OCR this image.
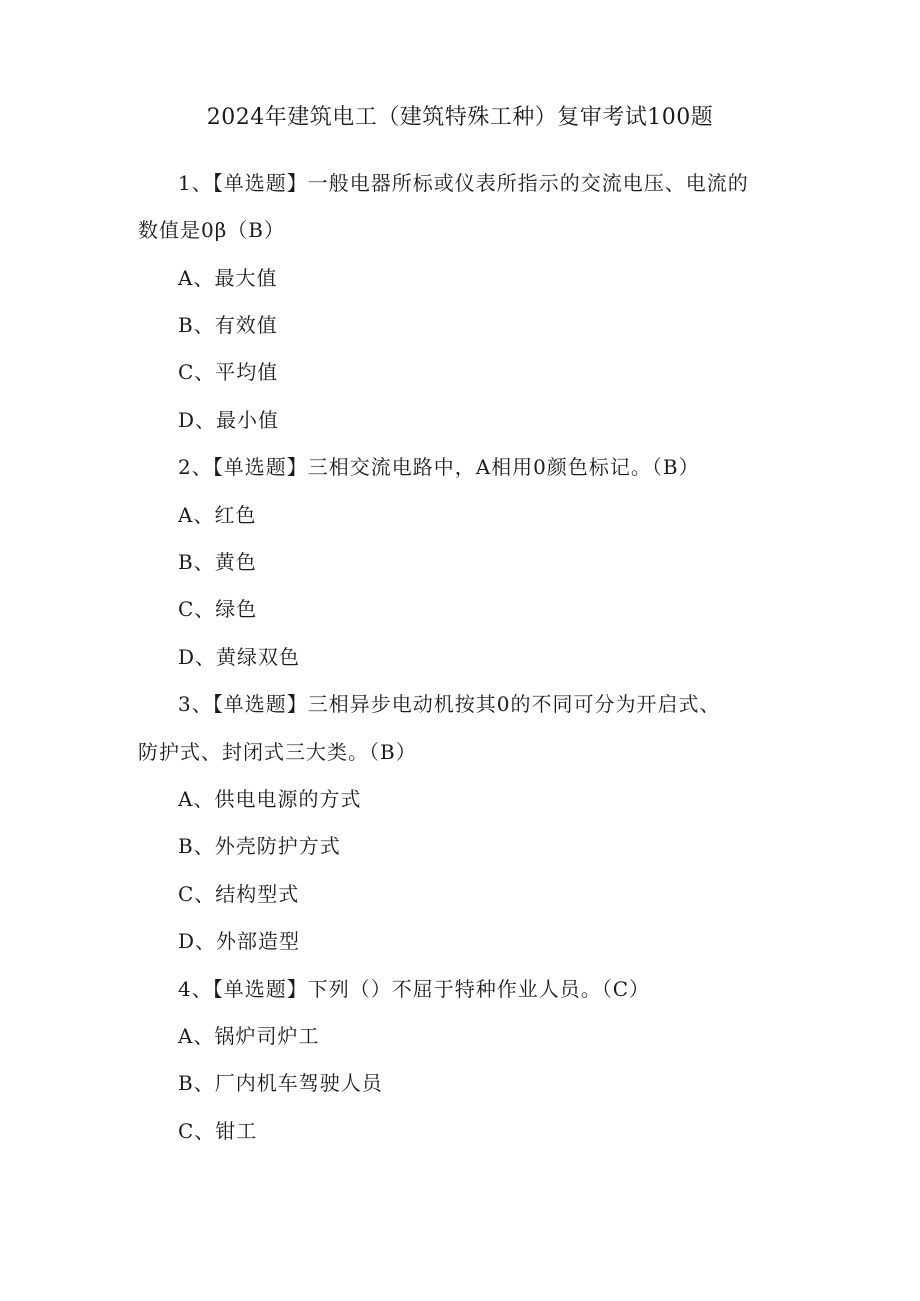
2024年建筑电工（建筑特殊工种）复审考试100题
1、【单选题】一般电器所标或仪表所指示的交流电压、电流的
数值是0β（B）
A、最大值
B、有效值
C、平均值
D、最小值
2、【单选题】三相交流电路中，A相用0颜色标记。（B）
A、红色
B、黄色
C、绿色
D、黄绿双色
3、【单选题】三相异步电动机按其0的不同可分为开启式、
防护式、封闭式三大类。（B）
A、供电电源的方式
B、外壳防护方式
C、结构型式
D、外部造型
4、【单选题】下列（）不屈于特种作业人员。（C）
A、锅炉司炉工
B、厂内机车驾驶人员
C、钳工
